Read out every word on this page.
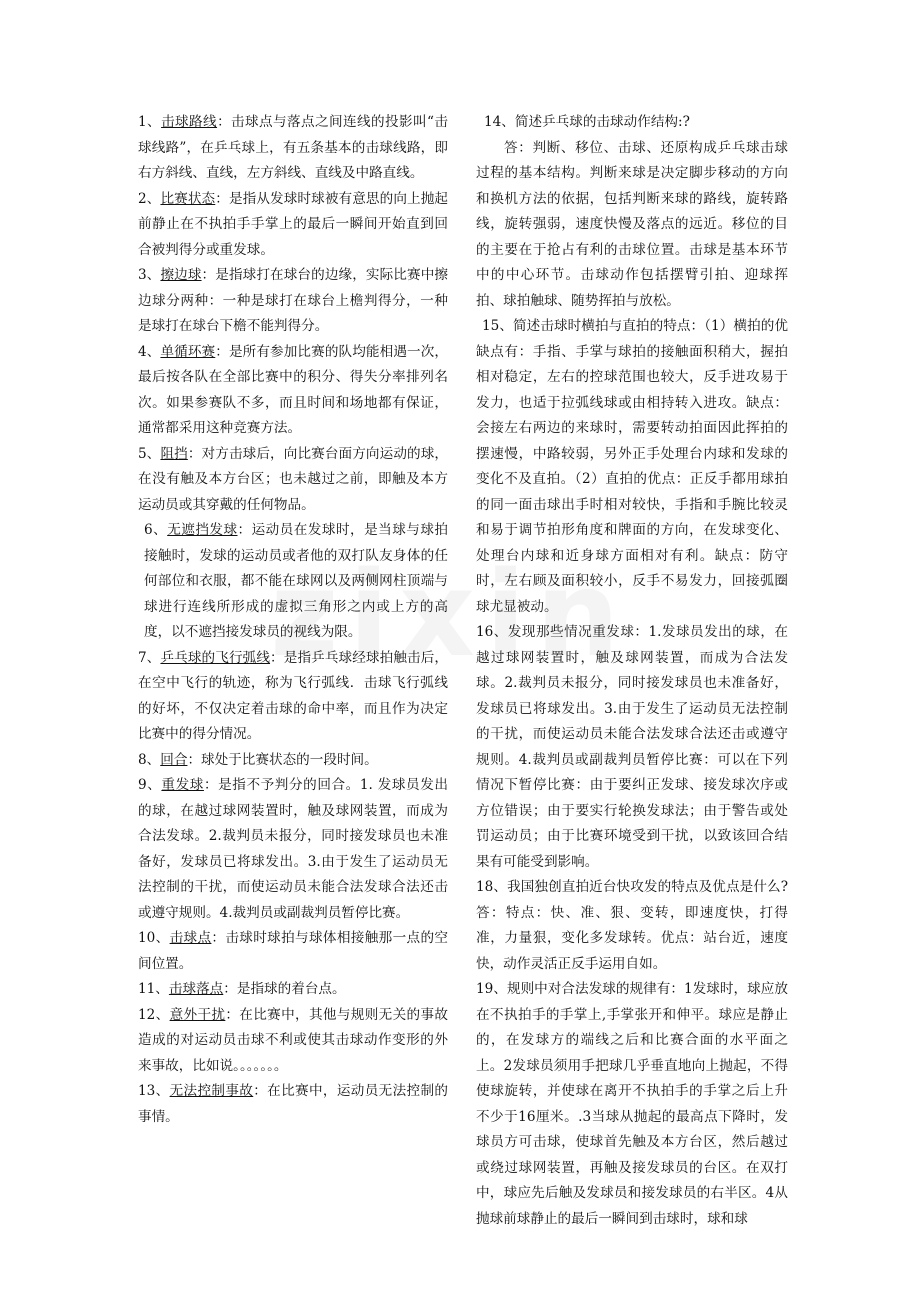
1、击球路线：击球点与落点之间连线的投影叫“击球线路”，在乒乓球上，有五条基本的击球线路，即右方斜线、直线，左方斜线、直线及中路直线。

2、比赛状态：是指从发球时球被有意思的向上抛起前静止在不执拍手手掌上的最后一瞬间开始直到回合被判得分或重发球。

3、擦边球：是指球打在球台的边缘，实际比赛中擦边球分两种：一种是球打在球台上檐判得分，一种是球打在球台下檐不能判得分。

4、单循环赛：是所有参加比赛的队均能相遇一次，最后按各队在全部比赛中的积分、得失分率排列名次。如果参赛队不多，而且时间和场地都有保证，通常都采用这种竞赛方法。

5、阻挡：对方击球后，向比赛台面方向运动的球，在没有触及本方台区；也未越过之前，即触及本方运动员或其穿戴的任何物品。

6、无遮挡发球：运动员在发球时，是当球与球拍接触时，发球的运动员或者他的双打队友身体的任何部位和衣服，都不能在球网以及两侧网柱顶端与球进行连线所形成的虚拟三角形之内或上方的高度，以不遮挡接发球员的视线为限。

7、乒乓球的飞行弧线：是指乒乓球经球拍触击后，在空中飞行的轨迹，称为飞行弧线．击球飞行弧线的好坏，不仅决定着击球的命中率，而且作为决定比赛中的得分情况。

8、回合：球处于比赛状态的一段时间。

9、重发球：是指不予判分的回合。1. 发球员发出的球，在越过球网装置时，触及球网装置，而成为合法发球。2.裁判员未报分，同时接发球员也未准备好，发球员已将球发出。3.由于发生了运动员无法控制的干扰，而使运动员未能合法发球合法还击或遵守规则。4.裁判员或副裁判员暂停比赛。

10、击球点：击球时球拍与球体相接触那一点的空间位置。

11、击球落点：是指球的着台点。

12、意外干扰：在比赛中，其他与规则无关的事故造成的对运动员击球不利或使其击球动作变形的外来事故，比如说。。。。。。。

13、无法控制事故：在比赛中，运动员无法控制的事情。

14、简述乒乓球的击球动作结构:?

答：判断、移位、击球、还原构成乒乓球击球过程的基本结构。判断来球是决定脚步移动的方向和换机方法的依据，包括判断来球的路线，旋转路线，旋转强弱，速度快慢及落点的远近。移位的目的主要在于抢占有利的击球位置。击球是基本环节中的中心环节。击球动作包括摆臂引拍、迎球挥拍、球拍触球、随势挥拍与放松。

15、简述击球时横拍与直拍的特点：（1）横拍的优缺点有：手指、手掌与球拍的接触面积稍大，握拍相对稳定，左右的控球范围也较大，反手进攻易于发力，也适于拉弧线球或由相持转入进攻。缺点：会接左右两边的来球时，需要转动拍面因此挥拍的摆速慢，中路较弱，另外正手处理台内球和发球的变化不及直拍。（2）直拍的优点：正反手都用球拍的同一面击球出手时相对较快，手指和手腕比较灵和易于调节拍形角度和牌面的方向，在发球变化、处理台内球和近身球方面相对有利。缺点：防守时，左右顾及面积较小，反手不易发力，回接弧圈球尤显被动。

16、发现那些情况重发球：1.发球员发出的球，在越过球网装置时，触及球网装置，而成为合法发球。2.裁判员未报分，同时接发球员也未准备好，发球员已将球发出。3.由于发生了运动员无法控制的干扰，而使运动员未能合法发球合法还击或遵守规则。4.裁判员或副裁判员暂停比赛：可以在下列情况下暂停比赛：由于要纠正发球、接发球次序或方位错误；由于要实行轮换发球法；由于警告或处罚运动员；由于比赛环境受到干扰，以致该回合结果有可能受到影响。

18、我国独创直拍近台快攻发的特点及优点是什么?答：特点：快、准、狠、变转，即速度快，打得准，力量狠，变化多发球转。优点：站台近，速度快，动作灵活正反手运用自如。

19、规则中对合法发球的规律有：1发球时，球应放在不执拍手的手掌上,手掌张开和伸平。球应是静止的，在发球方的端线之后和比赛合面的水平面之上。2发球员须用手把球几乎垂直地向上抛起，不得使球旋转，并使球在离开不执拍手的手掌之后上升不少于16厘米。.3当球从抛起的最高点下降时，发球员方可击球，使球首先触及本方台区，然后越过或绕过球网装置，再触及接发球员的台区。在双打中，球应先后触及发球员和接发球员的右半区。4从抛球前球静止的最后一瞬间到击球时，球和球
